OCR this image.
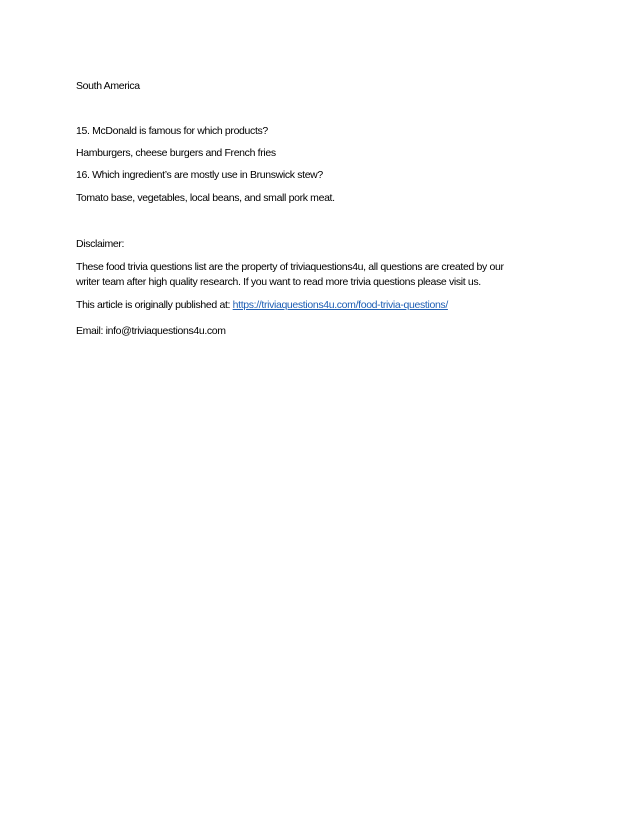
South America

15. McDonald is famous for which products?

Hamburgers, cheese burgers and French fries

16. Which ingredient’s are mostly use in Brunswick stew?

Tomato base, vegetables, local beans, and small pork meat.

Disclaimer:

These food trivia questions list are the property of triviaquestions4u, all questions are created by our

writer team after high quality research. If you want to read more trivia questions please visit us.

This article is originally published at: https://triviaquestions4u.com/food-trivia-questions/

Email: info@triviaquestions4u.com
